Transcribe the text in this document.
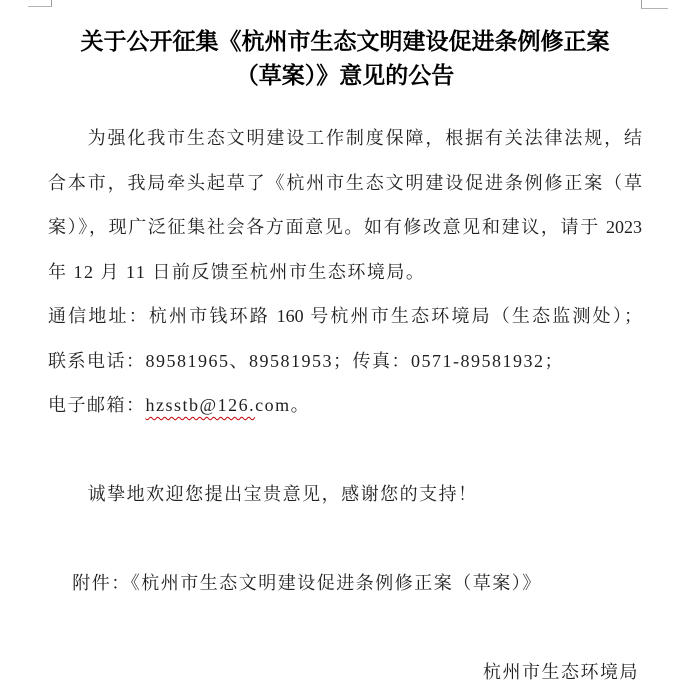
关于公开征集《杭州市生态文明建设促进条例修正案
（草案）》意见的公告
为强化我市生态文明建设工作制度保障，根据有关法律法规，结
合本市，我局牵头起草了《杭州市生态文明建设促进条例修正案（草
案）》，现广泛征集社会各方面意见。如有修改意见和建议，请于 2023
年 12 月 11 日前反馈至杭州市生态环境局。
通信地址：杭州市钱环路 160 号杭州市生态环境局（生态监测处）；
联系电话：89581965、89581953；传真：0571-89581932；
电子邮箱：hzsstb@126.com。
诚挚地欢迎您提出宝贵意见，感谢您的支持！
附件：《杭州市生态文明建设促进条例修正案（草案）》
杭州市生态环境局
